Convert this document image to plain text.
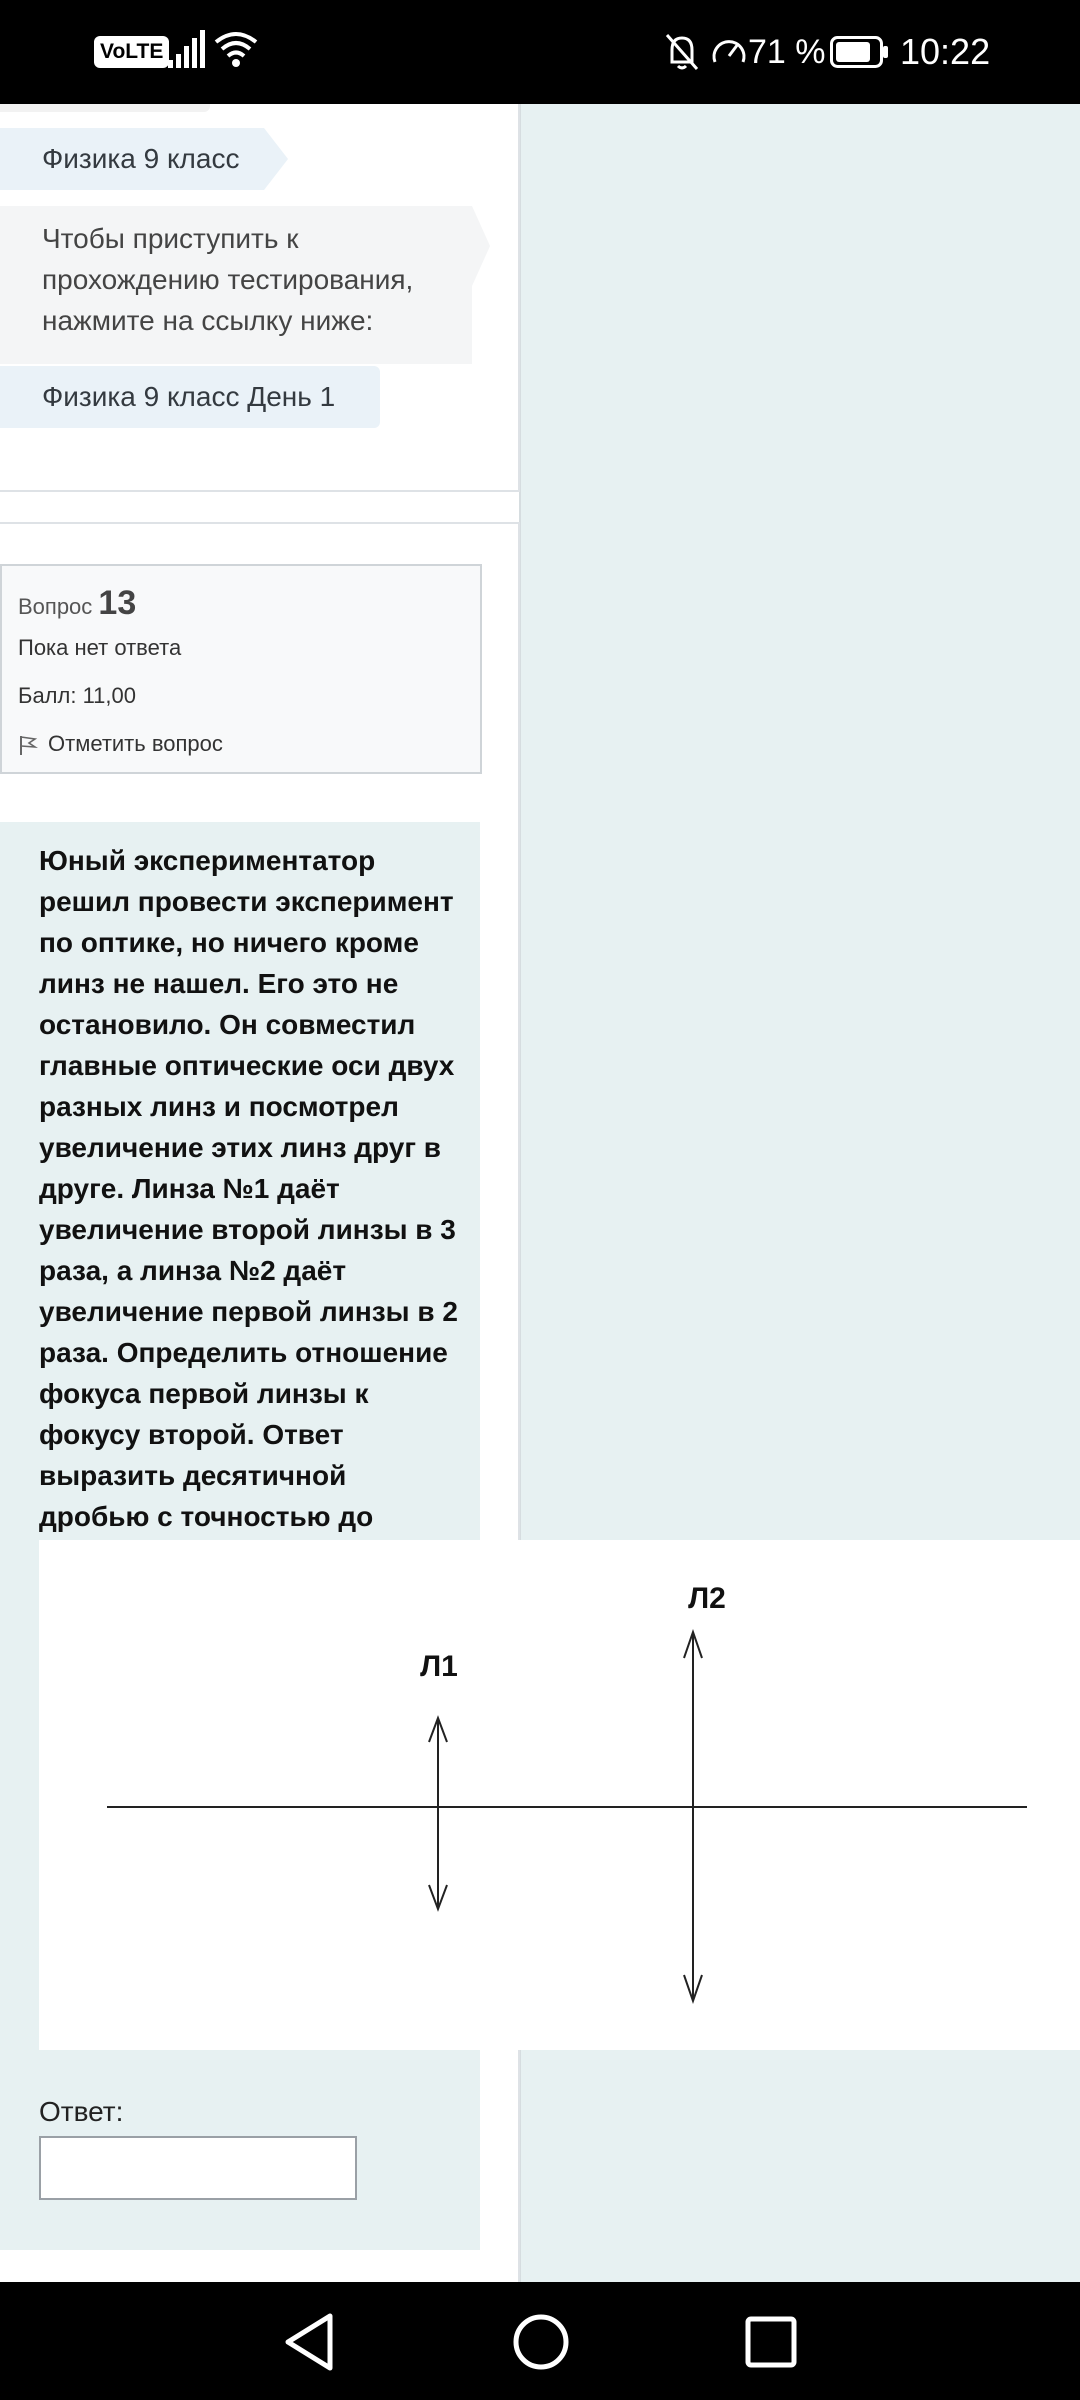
VoLTE	71 % 10:22
Физика 9 класс
Чтобы приступить к прохождению тестирования, нажмите на ссылку ниже:
Физика 9 класс День 1
Вопрос 13
Пока нет ответа
Балл: 11,00
Отметить вопрос
Юный экспериментатор решил провести эксперимент по оптике, но ничего кроме линз не нашел. Его это не остановило. Он совместил главные оптические оси двух разных линз и посмотрел увеличение этих линз друг в друге. Линза №1 даёт увеличение второй линзы в 3 раза, а линза №2 даёт увеличение первой линзы в 2 раза. Определить отношение фокуса первой линзы к фокусу второй. Ответ выразить десятичной дробью с точностью до тысячных.
Л1
Л2
Ответ:
